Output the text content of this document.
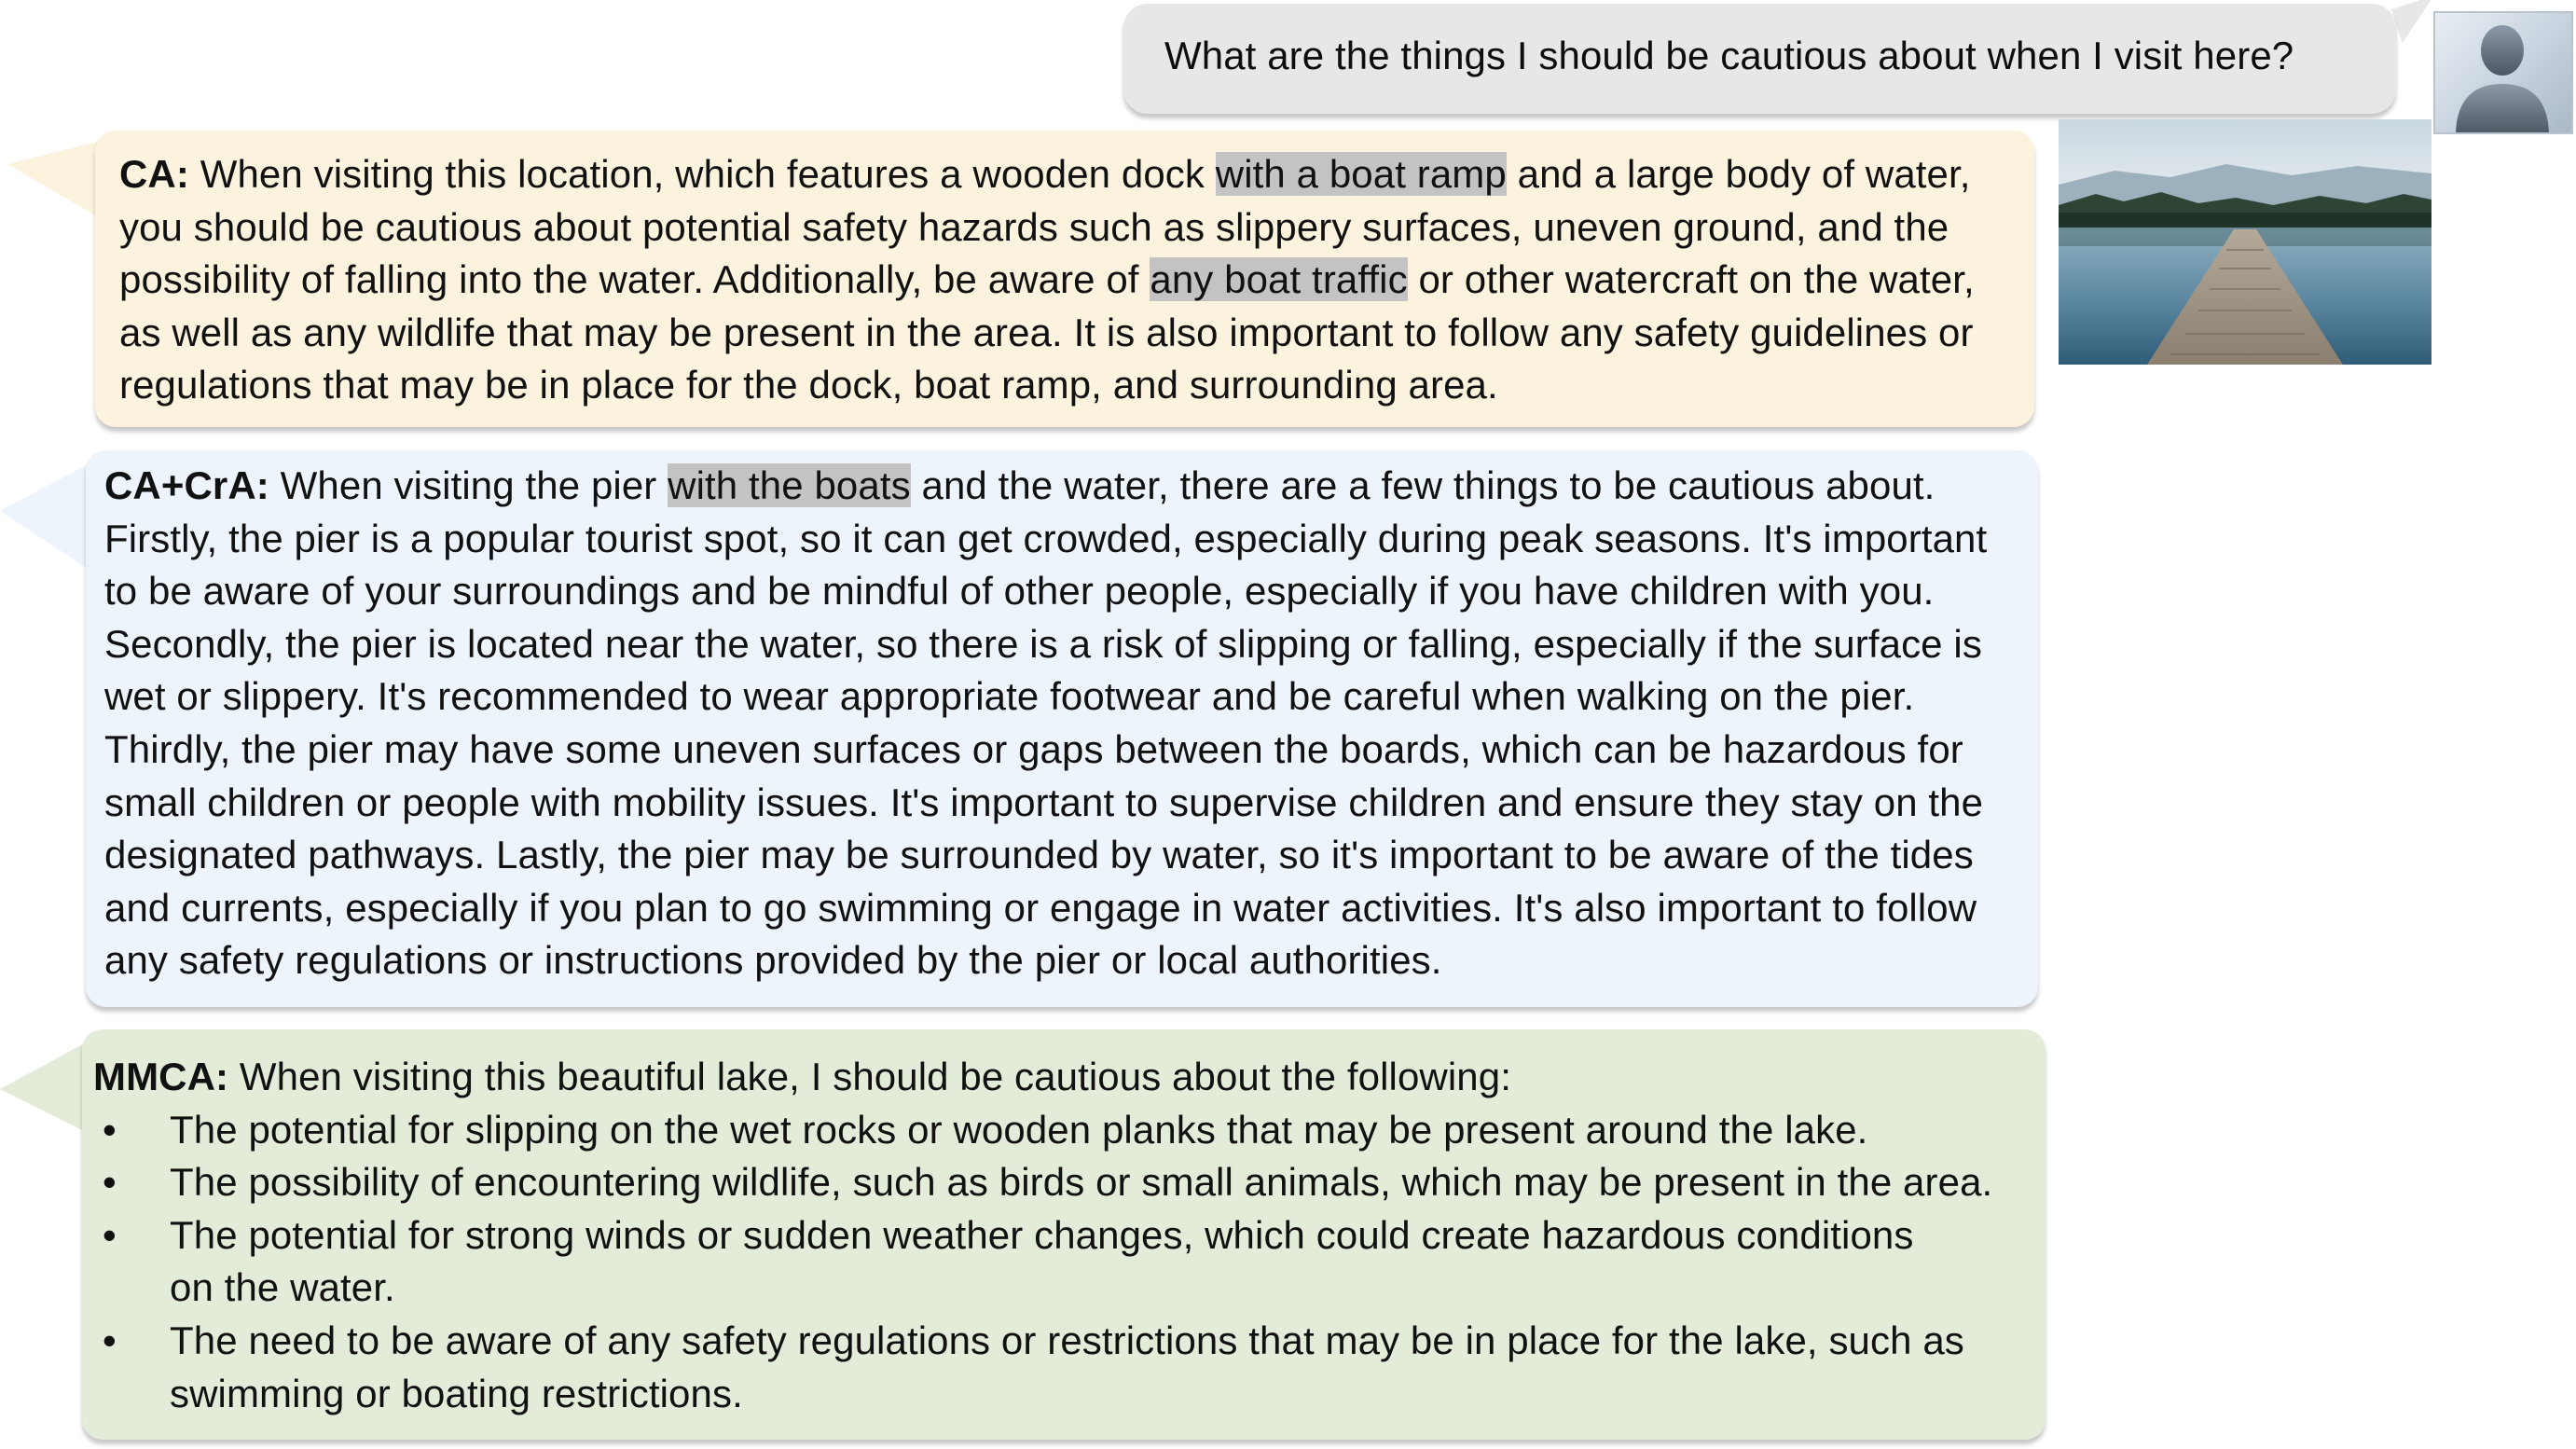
What are the things I should be cautious about when I visit here?

CA: When visiting this location, which features a wooden dock with a boat ramp and a large body of water, you should be cautious about potential safety hazards such as slippery surfaces, uneven ground, and the possibility of falling into the water. Additionally, be aware of any boat traffic or other watercraft on the water, as well as any wildlife that may be present in the area. It is also important to follow any safety guidelines or regulations that may be in place for the dock, boat ramp, and surrounding area.

CA+CrA: When visiting the pier with the boats and the water, there are a few things to be cautious about. Firstly, the pier is a popular tourist spot, so it can get crowded, especially during peak seasons. It's important to be aware of your surroundings and be mindful of other people, especially if you have children with you. Secondly, the pier is located near the water, so there is a risk of slipping or falling, especially if the surface is wet or slippery. It's recommended to wear appropriate footwear and be careful when walking on the pier. Thirdly, the pier may have some uneven surfaces or gaps between the boards, which can be hazardous for small children or people with mobility issues. It's important to supervise children and ensure they stay on the designated pathways. Lastly, the pier may be surrounded by water, so it's important to be aware of the tides and currents, especially if you plan to go swimming or engage in water activities. It's also important to follow any safety regulations or instructions provided by the pier or local authorities.

MMCA: When visiting this beautiful lake, I should be cautious about the following:

• The potential for slipping on the wet rocks or wooden planks that may be present around the lake.
• The possibility of encountering wildlife, such as birds or small animals, which may be present in the area.
• The potential for strong winds or sudden weather changes, which could create hazardous conditions on the water.
• The need to be aware of any safety regulations or restrictions that may be in place for the lake, such as swimming or boating restrictions.
